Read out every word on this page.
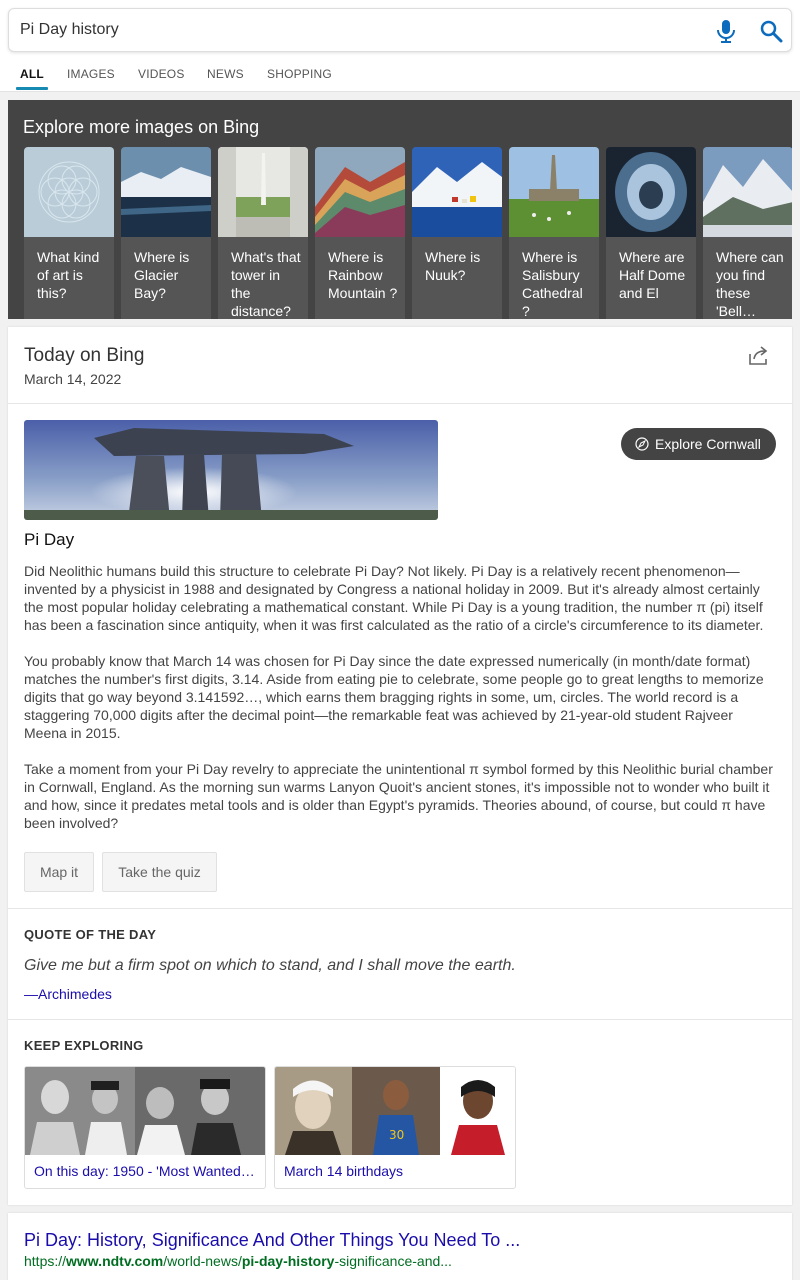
Pi Day history
ALL IMAGES VIDEOS NEWS SHOPPING
Explore more images on Bing
What kind of art is this?
Where is Glacier Bay?
What's that tower in the distance?
Where is Rainbow Mountain ?
Where is Nuuk?
Where is Salisbury Cathedral ?
Where are Half Dome and El
Where can you find these 'Bell…
Today on Bing
March 14, 2022
Explore Cornwall
Pi Day
Did Neolithic humans build this structure to celebrate Pi Day? Not likely. Pi Day is a relatively recent phenomenon—invented by a physicist in 1988 and designated by Congress a national holiday in 2009. But it's already almost certainly the most popular holiday celebrating a mathematical constant. While Pi Day is a young tradition, the number π (pi) itself has been a fascination since antiquity, when it was first calculated as the ratio of a circle's circumference to its diameter.
You probably know that March 14 was chosen for Pi Day since the date expressed numerically (in month/date format) matches the number's first digits, 3.14. Aside from eating pie to celebrate, some people go to great lengths to memorize digits that go way beyond 3.141592…, which earns them bragging rights in some, um, circles. The world record is a staggering 70,000 digits after the decimal point—the remarkable feat was achieved by 21-year-old student Rajveer Meena in 2015.
Take a moment from your Pi Day revelry to appreciate the unintentional π symbol formed by this Neolithic burial chamber in Cornwall, England. As the morning sun warms Lanyon Quoit's ancient stones, it's impossible not to wonder who built it and how, since it predates metal tools and is older than Egypt's pyramids. Theories abound, of course, but could π have been involved?
Map it	Take the quiz
QUOTE OF THE DAY
Give me but a firm spot on which to stand, and I shall move the earth.
—Archimedes
KEEP EXPLORING
On this day: 1950 - 'Most Wanted…
30
March 14 birthdays
Pi Day: History, Significance And Other Things You Need To ...
https://www.ndtv.com/world-news/pi-day-history-significance-and...
